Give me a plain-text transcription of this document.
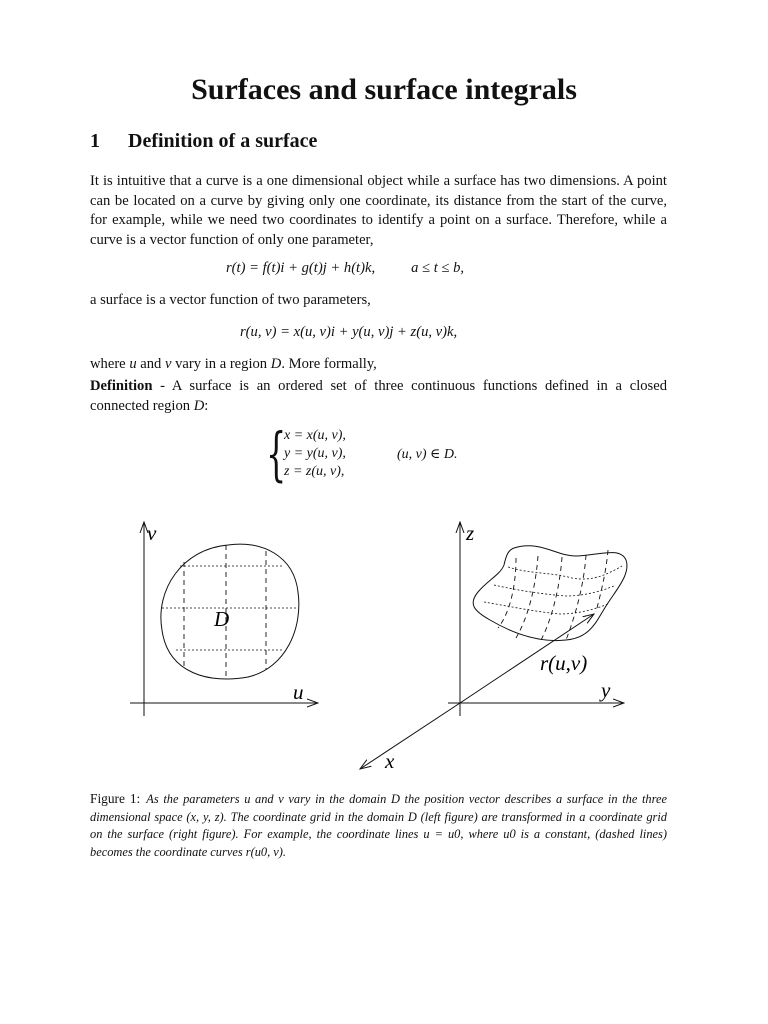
Surfaces and surface integrals
1 Definition of a surface
It is intuitive that a curve is a one dimensional object while a surface has two dimensions. A point can be located on a curve by giving only one coordinate, its distance from the start of the curve, for example, while we need two coordinates to identify a point on a surface. Therefore, while a curve is a vector function of only one parameter,
r(t) = f(t)i + g(t)j + h(t)k, a ≤ t ≤ b,
a surface is a vector function of two parameters,
r(u, v) = x(u, v)i + y(u, v)j + z(u, v)k,
where u and v vary in a region D. More formally,
Definition - A surface is an ordered set of three continuous functions defined in a closed connected region D:
{
x = x(u, v),
y = y(u, v),
z = z(u, v),
(u, v) ∈ D.
v
u
D
z
y
x
r(u,v)
Figure 1: As the parameters u and v vary in the domain D the position vector describes a surface in the three dimensional space (x, y, z). The coordinate grid in the domain D (left figure) are transformed in a coordinate grid on the surface (right figure). For example, the coordinate lines u = u0, where u0 is a constant, (dashed lines) becomes the coordinate curves r(u0, v).
